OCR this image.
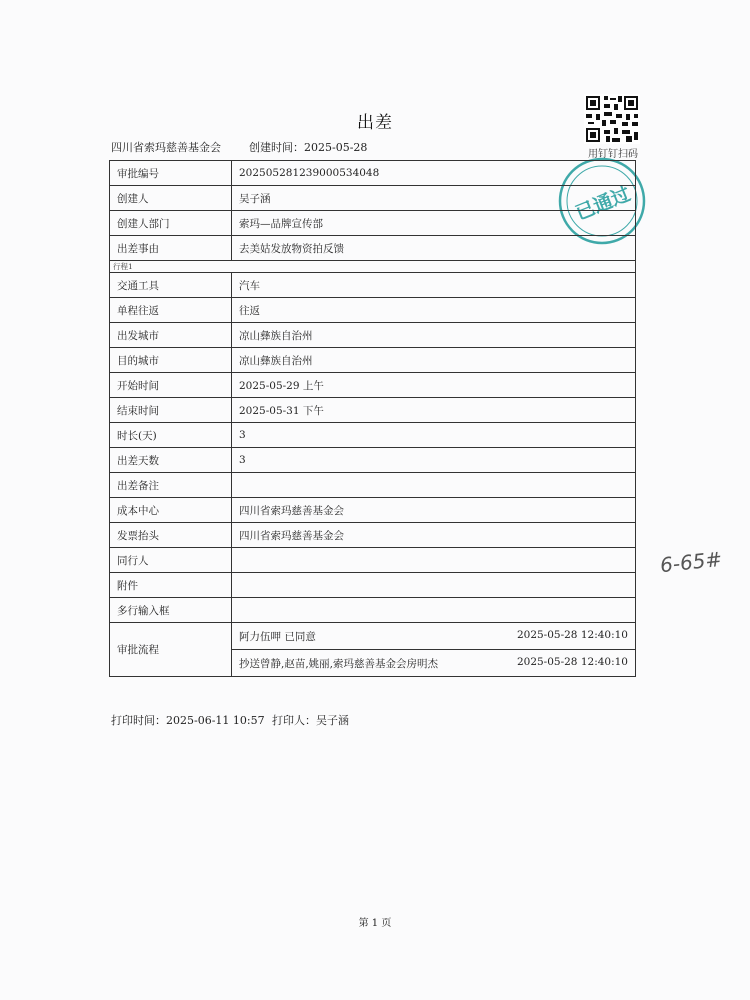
出差
四川省索玛慈善基金会	创建时间：2025-05-28
用钉钉扫码
已通过
审批编号	202505281239000534048
创建人	吴子涵
创建人部门	索玛—品牌宣传部
出差事由	去美姑发放物资拍反馈
行程1	
交通工具	汽车
单程往返	往返
出发城市	凉山彝族自治州
目的城市	凉山彝族自治州
开始时间	2025-05-29 上午
结束时间	2025-05-31 下午
时长(天)	3
出差天数	3
出差备注	
成本中心	四川省索玛慈善基金会
发票抬头	四川省索玛慈善基金会
同行人	
附件	
多行输入框	
审批流程	阿力伍呷 已同意 2025-05-28 12:40:10

	抄送曾静,赵苗,姚丽,索玛慈善基金会房明杰 2025-05-28 12:40:10
打印时间：2025-06-11 10:57 打印人：吴子涵
6-65#
第 1 页
